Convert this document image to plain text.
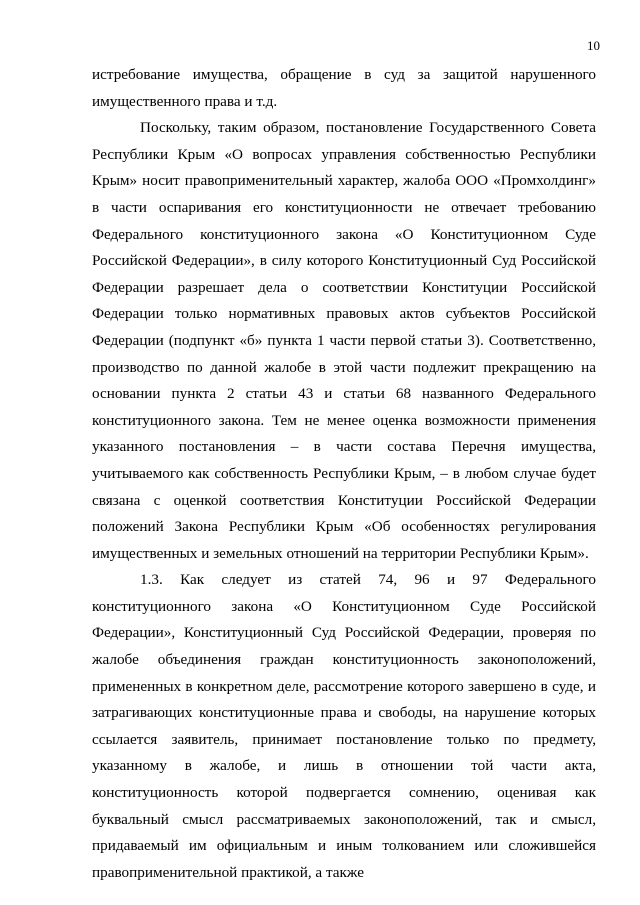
10

истребование имущества, обращение в суд за защитой нарушенного имущественного права и т.д.

Поскольку, таким образом, постановление Государственного Совета Республики Крым «О вопросах управления собственностью Республики Крым» носит правоприменительный характер, жалоба ООО «Промхолдинг» в части оспаривания его конституционности не отвечает требованию Федерального конституционного закона «О Конституционном Суде Российской Федерации», в силу которого Конституционный Суд Российской Федерации разрешает дела о соответствии Конституции Российской Федерации только нормативных правовых актов субъектов Российской Федерации (подпункт «б» пункта 1 части первой статьи 3). Соответственно, производство по данной жалобе в этой части подлежит прекращению на основании пункта 2 статьи 43 и статьи 68 названного Федерального конституционного закона. Тем не менее оценка возможности применения указанного постановления – в части состава Перечня имущества, учитываемого как собственность Республики Крым, – в любом случае будет связана с оценкой соответствия Конституции Российской Федерации положений Закона Республики Крым «Об особенностях регулирования имущественных и земельных отношений на территории Республики Крым».

1.3. Как следует из статей 74, 96 и 97 Федерального конституционного закона «О Конституционном Суде Российской Федерации», Конституционный Суд Российской Федерации, проверяя по жалобе объединения граждан конституционность законоположений, примененных в конкретном деле, рассмотрение которого завершено в суде, и затрагивающих конституционные права и свободы, на нарушение которых ссылается заявитель, принимает постановление только по предмету, указанному в жалобе, и лишь в отношении той части акта, конституционность которой подвергается сомнению, оценивая как буквальный смысл рассматриваемых законоположений, так и смысл, придаваемый им официальным и иным толкованием или сложившейся правоприменительной практикой, а также
